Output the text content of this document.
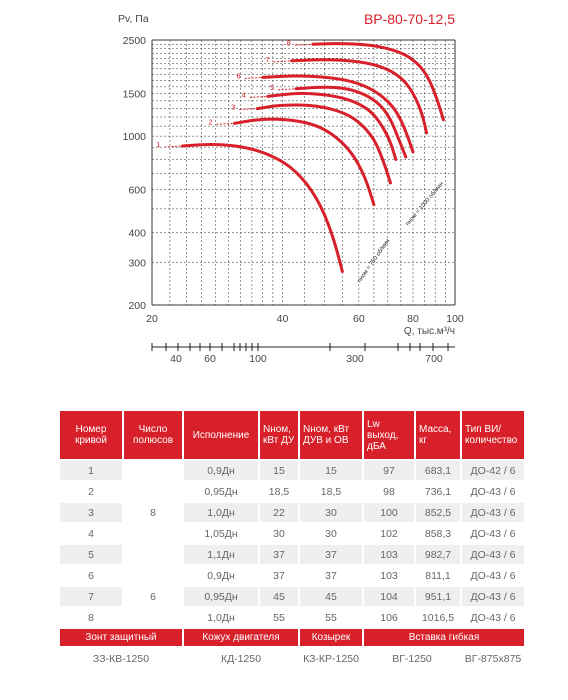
2500
1500
1000
600
400
300
200
20	40	60	80	100
40 60	100	300	700
1
2
3
4
5
6
7
8
ВР-80-70-12,5
Pv, Па
Q, тыс.м³/ч
nном = 750 об/мин
nном = 1000 об/мин
Номер кривой	Число полюсов	Исполнение	Nном, кВт ДУ	Nном, кВт ДУВ и ОВ	Lw выход, дБА	Масса, кг	Тип ВИ/ количество
1	8	0,9Дн	15	15	97	683,1	ДО-42 / 6
2		0,95Дн	18,5	18,5	98	736,1	ДО-43 / 6
3		1,0Дн	22	30	100	852,5	ДО-43 / 6
4		1,05Дн	30	30	102	858,3	ДО-43 / 6
5		1,1Дн	37	37	103	982,7	ДО-43 / 6
6	6	0,9Дн	37	37	103	811,1	ДО-43 / 6
7		0,95Дн	45	45	104	951,1	ДО-43 / 6
8		1,0Дн	55	55	106	1016,5	ДО-43 / 6
Зонт защитный		Кожух двигателя		Козырек	Вставка гибкая		
ЗЗ-КВ-1250		КД-1250		КЗ-КР-1250	ВГ-1250		ВГ-875х875
